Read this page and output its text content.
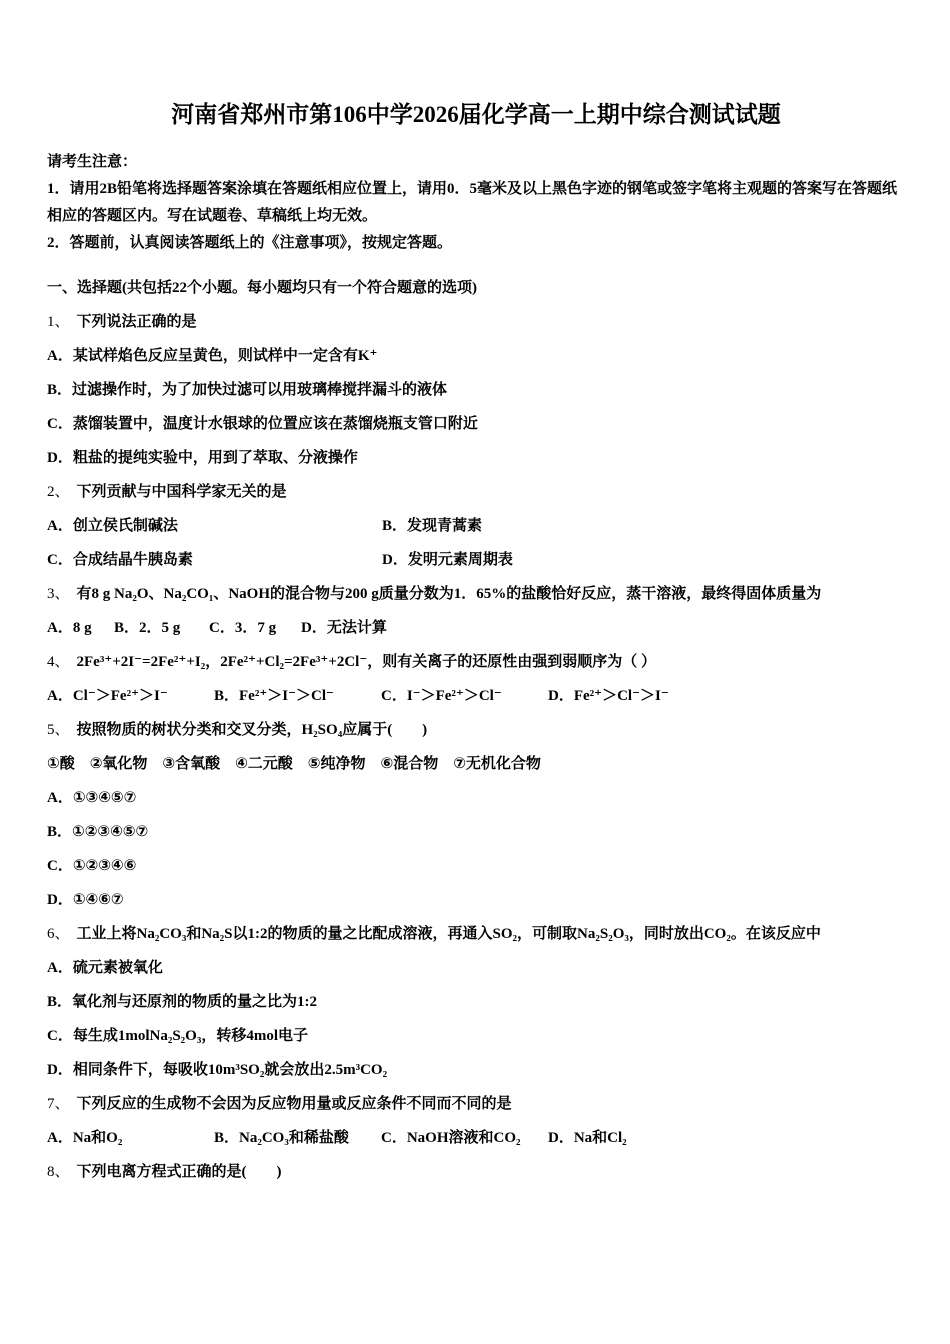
河南省郑州市第106中学2026届化学高一上期中综合测试试题

请考生注意：

1．请用2B铅笔将选择题答案涂填在答题纸相应位置上，请用0．5毫米及以上黑色字迹的钢笔或签字笔将主观题的答案写在答题纸相应的答题区内。写在试题卷、草稿纸上均无效。

2．答题前，认真阅读答题纸上的《注意事项》，按规定答题。

一、选择题(共包括22个小题。每小题均只有一个符合题意的选项)

1、 下列说法正确的是

A．某试样焰色反应呈黄色，则试样中一定含有K⁺

B．过滤操作时，为了加快过滤可以用玻璃棒搅拌漏斗的液体

C．蒸馏装置中，温度计水银球的位置应该在蒸馏烧瓶支管口附近

D．粗盐的提纯实验中，用到了萃取、分液操作

2、 下列贡献与中国科学家无关的是

A．创立侯氏制碱法	B．发现青蒿素

C．合成结晶牛胰岛素	D．发明元素周期表

3、 有8 g Na₂O、Na₂CO₁、NaOH的混合物与200 g质量分数为1．65%的盐酸恰好反应，蒸干溶液，最终得固体质量为

A．8 g B．2．5 g C．3．7 g D．无法计算

4、 2Fe³⁺+2I⁻=2Fe²⁺+I₂，2Fe²⁺+Cl₂=2Fe³⁺+2Cl⁻，则有关离子的还原性由强到弱顺序为（ ）

A．Cl⁻＞Fe²⁺＞I⁻	B．Fe²⁺＞I⁻＞Cl⁻	C．I⁻＞Fe²⁺＞Cl⁻	D．Fe²⁺＞Cl⁻＞I⁻

5、 按照物质的树状分类和交叉分类，H₂SO₄应属于(　　)

①酸　②氧化物　③含氧酸　④二元酸　⑤纯净物　⑥混合物　⑦无机化合物

A．①③④⑤⑦

B．①②③④⑤⑦

C．①②③④⑥

D．①④⑥⑦

6、 工业上将Na₂CO₃和Na₂S以1:2的物质的量之比配成溶液，再通入SO₂，可制取Na₂S₂O₃，同时放出CO₂。在该反应中

A．硫元素被氧化

B．氧化剂与还原剂的物质的量之比为1:2

C．每生成1molNa₂S₂O₃，转移4mol电子

D．相同条件下，每吸收10m³SO₂就会放出2.5m³CO₂

7、 下列反应的生成物不会因为反应物用量或反应条件不同而不同的是

A．Na和O₂	B．Na₂CO₃和稀盐酸 C．NaOH溶液和CO₂ D．Na和Cl₂

8、 下列电离方程式正确的是(　　)
